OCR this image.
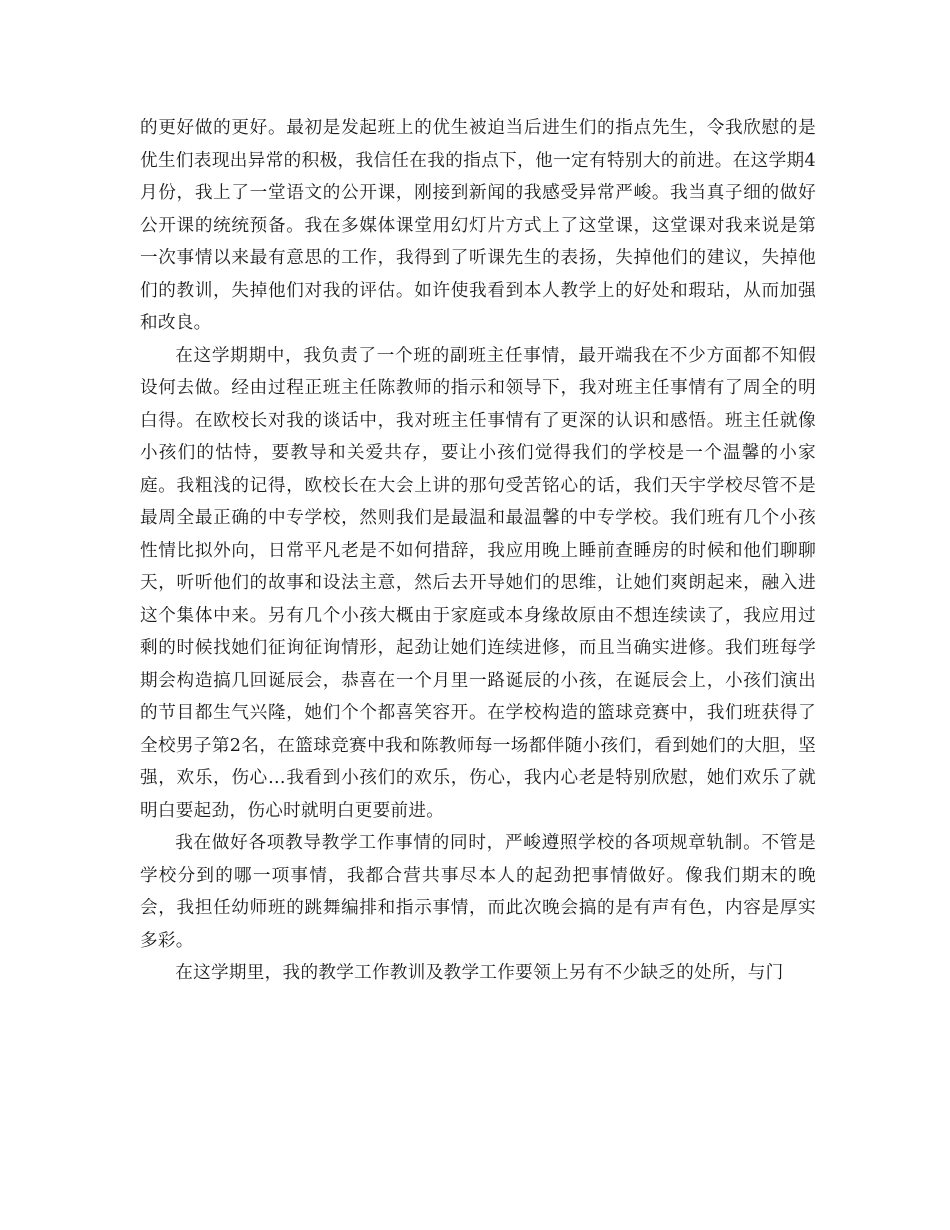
的更好做的更好。最初是发起班上的优生被迫当后进生们的指点先生，令我欣慰的是优生们表现出异常的积极，我信任在我的指点下，他一定有特别大的前进。在这学期4月份，我上了一堂语文的公开课，刚接到新闻的我感受异常严峻。我当真子细的做好公开课的统统预备。我在多媒体课堂用幻灯片方式上了这堂课，这堂课对我来说是第一次事情以来最有意思的工作，我得到了听课先生的表扬，失掉他们的建议，失掉他们的教训，失掉他们对我的评估。如许使我看到本人教学上的好处和瑕玷，从而加强和改良。

在这学期期中，我负责了一个班的副班主任事情，最开端我在不少方面都不知假设何去做。经由过程正班主任陈教师的指示和领导下，我对班主任事情有了周全的明白得。在欧校长对我的谈话中，我对班主任事情有了更深的认识和感悟。班主任就像小孩们的怙恃，要教导和关爱共存，要让小孩们觉得我们的学校是一个温馨的小家庭。我粗浅的记得，欧校长在大会上讲的那句受苦铭心的话，我们天宇学校尽管不是最周全最正确的中专学校，然则我们是最温和最温馨的中专学校。我们班有几个小孩性情比拟外向，日常平凡老是不如何措辞，我应用晚上睡前查睡房的时候和他们聊聊天，听听他们的故事和设法主意，然后去开导她们的思维，让她们爽朗起来，融入进这个集体中来。另有几个小孩大概由于家庭或本身缘故原由不想连续读了，我应用过剩的时候找她们征询征询情形，起劲让她们连续进修，而且当确实进修。我们班每学期会构造搞几回诞辰会，恭喜在一个月里一路诞辰的小孩，在诞辰会上，小孩们演出的节目都生气兴隆，她们个个都喜笑容开。在学校构造的篮球竞赛中，我们班获得了全校男子第2名，在篮球竞赛中我和陈教师每一场都伴随小孩们，看到她们的大胆，坚强，欢乐，伤心…我看到小孩们的欢乐，伤心，我内心老是特别欣慰，她们欢乐了就明白要起劲，伤心时就明白更要前进。

我在做好各项教导教学工作事情的同时，严峻遵照学校的各项规章轨制。不管是学校分到的哪一项事情，我都合营共事尽本人的起劲把事情做好。像我们期末的晚会，我担任幼师班的跳舞编排和指示事情，而此次晚会搞的是有声有色，内容是厚实多彩。

在这学期里，我的教学工作教训及教学工作要领上另有不少缺乏的处所，与门
